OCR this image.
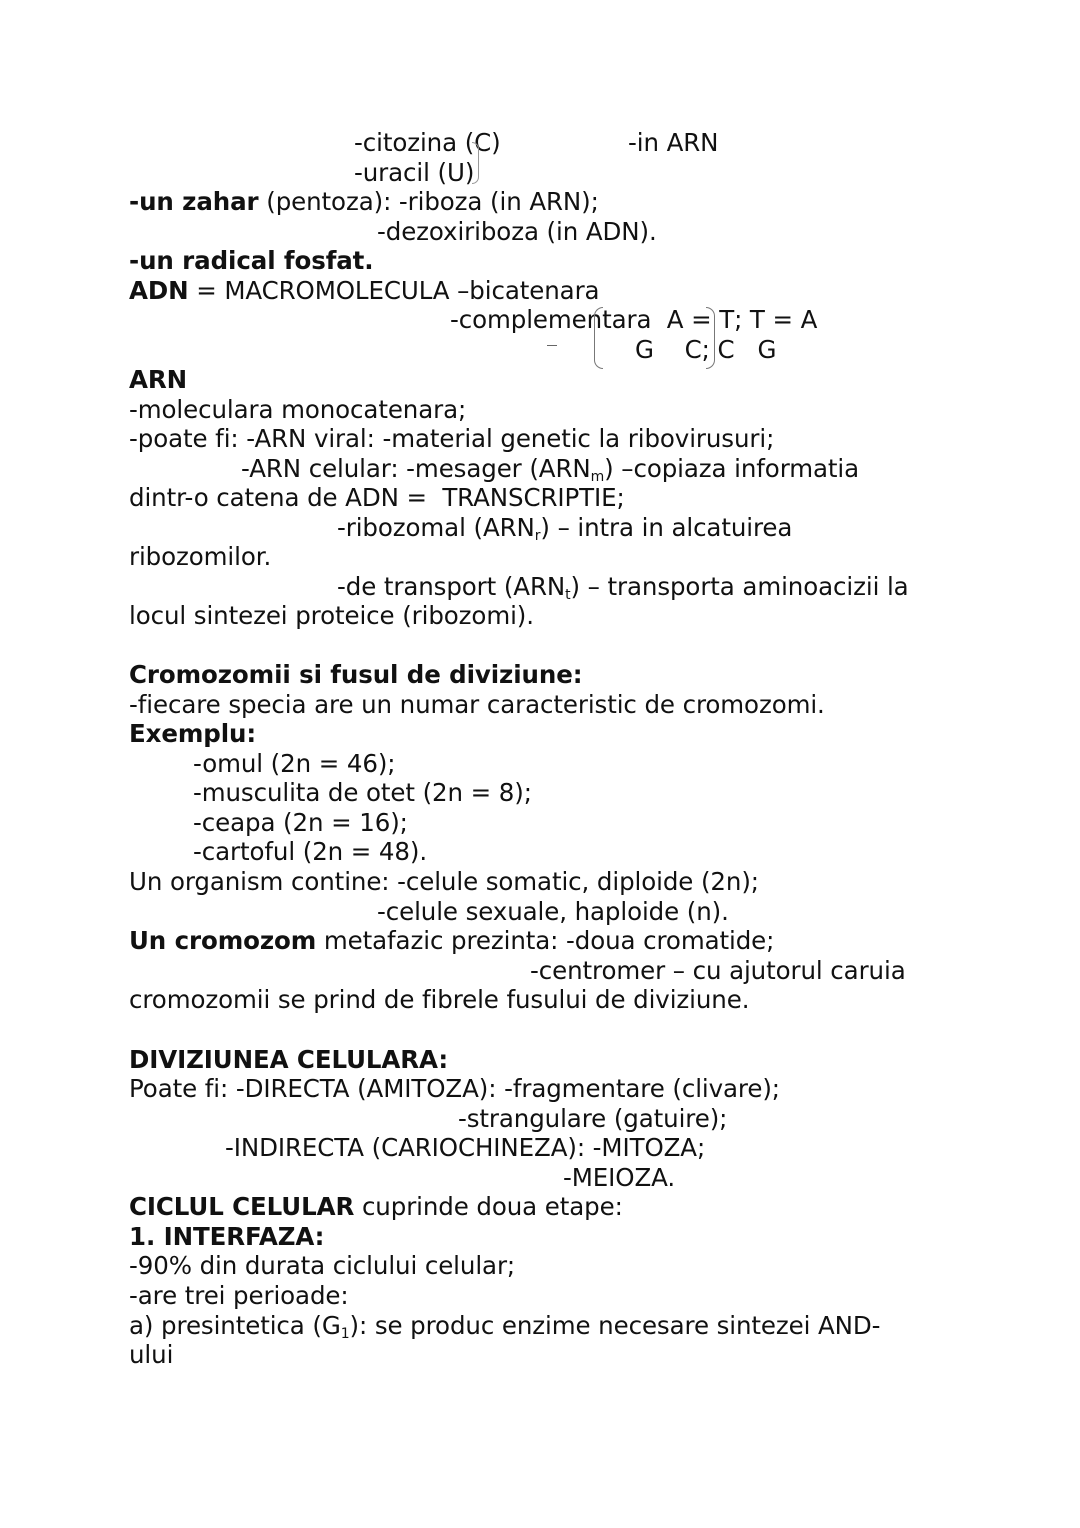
-citozina (C)	-in ARN
-uracil (U)
-un zahar (pentoza): -riboza (in ARN);
-dezoxiriboza (in ADN).
-un radical fosfat.
ADN = MACROMOLECULA –bicatenara
-complementara  A = T; T = A
G    C; C   G
ARN
-moleculara monocatenara;
-poate fi: -ARN viral: -material genetic la ribovirusuri;
-ARN celular: -mesager $(ARN_m)$ –copiaza informatia
dintr-o catena de ADN =  TRANSCRIPTIE;
-ribozomal $(ARN_r)$ – intra in alcatuirea
ribozomilor.
-de transport $(ARN_t)$ – transporta aminoacizii la
locul sintezei proteice (ribozomi).
Cromozomii si fusul de diviziune:
-fiecare specia are un numar caracteristic de cromozomi.
Exemplu:
-omul (2n = 46);
-musculita de otet (2n = 8);
-ceapa (2n = 16);
-cartoful (2n = 48).
Un organism contine: -celule somatic, diploide (2n);
-celule sexuale, haploide (n).
Un cromozom metafazic prezinta: -doua cromatide;
-centromer – cu ajutorul caruia
cromozomii se prind de fibrele fusului de diviziune.
DIVIZIUNEA CELULARA:
Poate fi: -DIRECTA (AMITOZA): -fragmentare (clivare);
-strangulare (gatuire);
-INDIRECTA (CARIOCHINEZA): -MITOZA;
-MEIOZA.
CICLUL CELULAR cuprinde doua etape:
1. INTERFAZA:
-90% din durata ciclului celular;
-are trei perioade:
a) presintetica $(G_1)$: se produc enzime necesare sintezei AND-
ului
